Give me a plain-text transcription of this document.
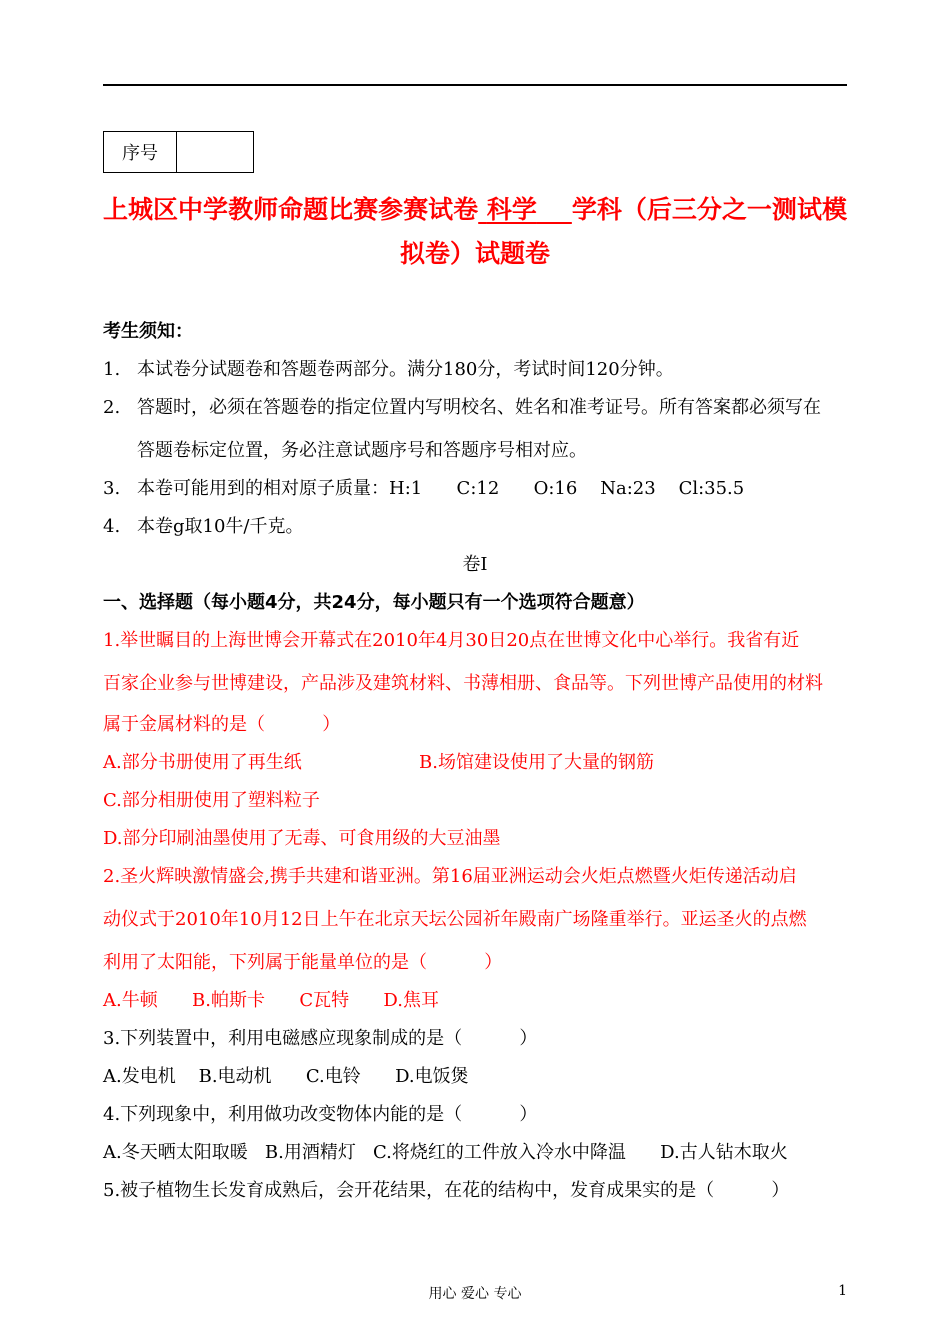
序号	
上城区中学教师命题比赛参赛试卷 科学 学科（后三分之一测试模拟卷）试题卷
考生须知：
1. 本试卷分试题卷和答题卷两部分。满分180分，考试时间120分钟。
2. 答题时，必须在答题卷的指定位置内写明校名、姓名和准考证号。所有答案都必须写在
答题卷标定位置，务必注意试题序号和答题序号相对应。
3. 本卷可能用到的相对原子质量：H:1      C:12      O:16    Na:23    Cl:35.5
4. 本卷g取10牛/千克。
卷Ⅰ
一、选择题（每小题4分，共24分，每小题只有一个选项符合题意）
1.举世瞩目的上海世博会开幕式在2010年4月30日20点在世博文化中心举行。我省有近
百家企业参与世博建设，产品涉及建筑材料、书薄相册、食品等。下列世博产品使用的材料
属于金属材料的是（          ）
A.部分书册使用了再生纸	B.场馆建设使用了大量的钢筋
C.部分相册使用了塑料粒子
D.部分印刷油墨使用了无毒、可食用级的大豆油墨
2.圣火辉映激情盛会,携手共建和谐亚洲。第16届亚洲运动会火炬点燃暨火炬传递活动启
动仪式于2010年10月12日上午在北京天坛公园祈年殿南广场隆重举行。亚运圣火的点燃
利用了太阳能，下列属于能量单位的是（          ）
A.牛顿      B.帕斯卡      C瓦特      D.焦耳
3.下列装置中，利用电磁感应现象制成的是（          ）
A.发电机    B.电动机      C.电铃      D.电饭煲
4.下列现象中，利用做功改变物体内能的是（          ）
A.冬天晒太阳取暖   B.用酒精灯   C.将烧红的工件放入冷水中降温      D.古人钻木取火
5.被子植物生长发育成熟后，会开花结果，在花的结构中，发育成果实的是（          ）
用心 爱心 专心	1
